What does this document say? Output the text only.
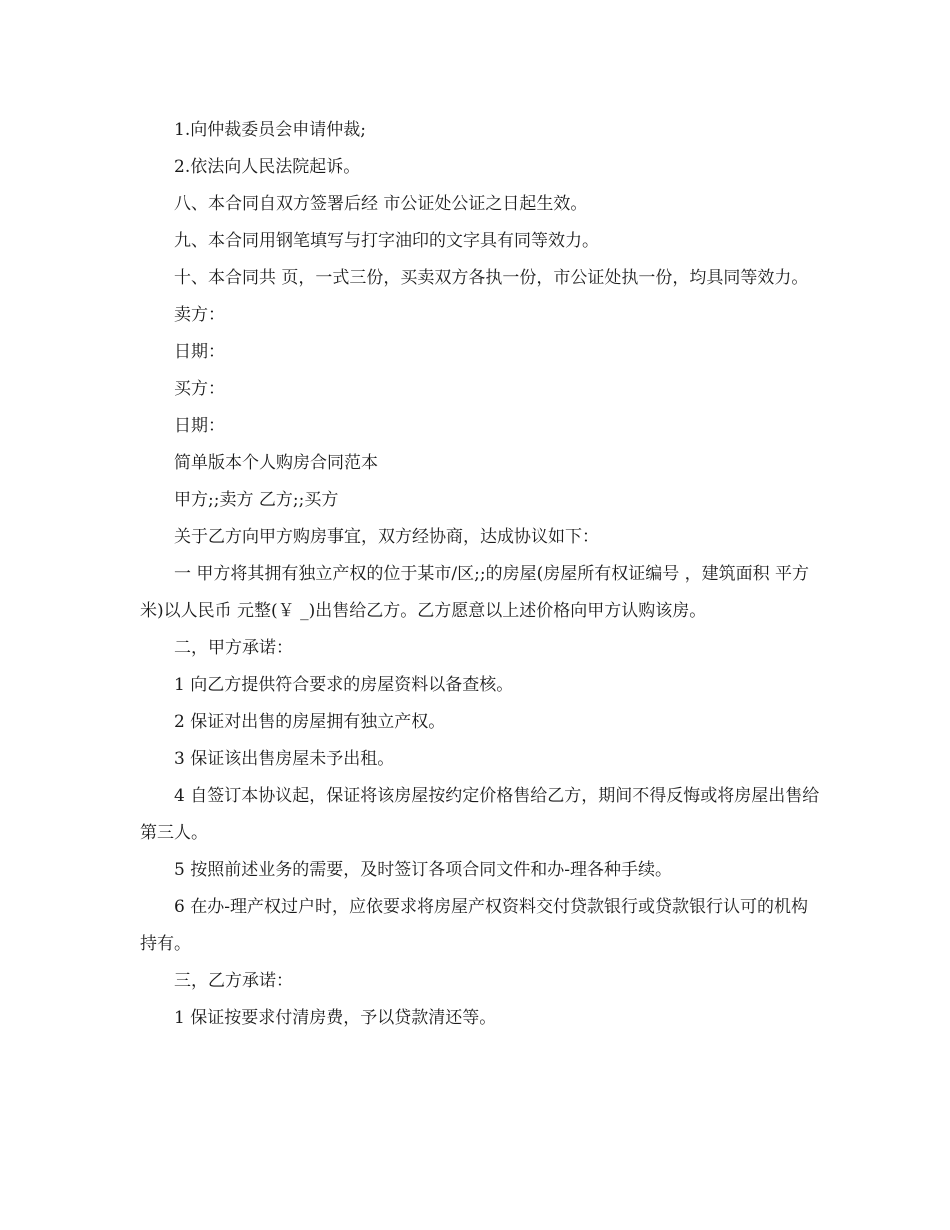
1.向仲裁委员会申请仲裁;

2.依法向人民法院起诉。

八、本合同自双方签署后经 市公证处公证之日起生效。

九、本合同用钢笔填写与打字油印的文字具有同等效力。

十、本合同共 页，一式三份，买卖双方各执一份，市公证处执一份，均具同等效力。

卖方：

日期：

买方：

日期：

简单版本个人购房合同范本

甲方;;卖方 乙方;;买方

关于乙方向甲方购房事宜，双方经协商，达成协议如下：

一 甲方将其拥有独立产权的位于某市/区;;的房屋(房屋所有权证编号 ，建筑面积 平方米)以人民币 元整(￥ _)出售给乙方。乙方愿意以上述价格向甲方认购该房。

二，甲方承诺：

1 向乙方提供符合要求的房屋资料以备查核。

2 保证对出售的房屋拥有独立产权。

3 保证该出售房屋未予出租。

4 自签订本协议起，保证将该房屋按约定价格售给乙方，期间不得反悔或将房屋出售给第三人。

5 按照前述业务的需要，及时签订各项合同文件和办-理各种手续。

6 在办-理产权过户时，应依要求将房屋产权资料交付贷款银行或贷款银行认可的机构持有。

三，乙方承诺：

1 保证按要求付清房费，予以贷款清还等。
